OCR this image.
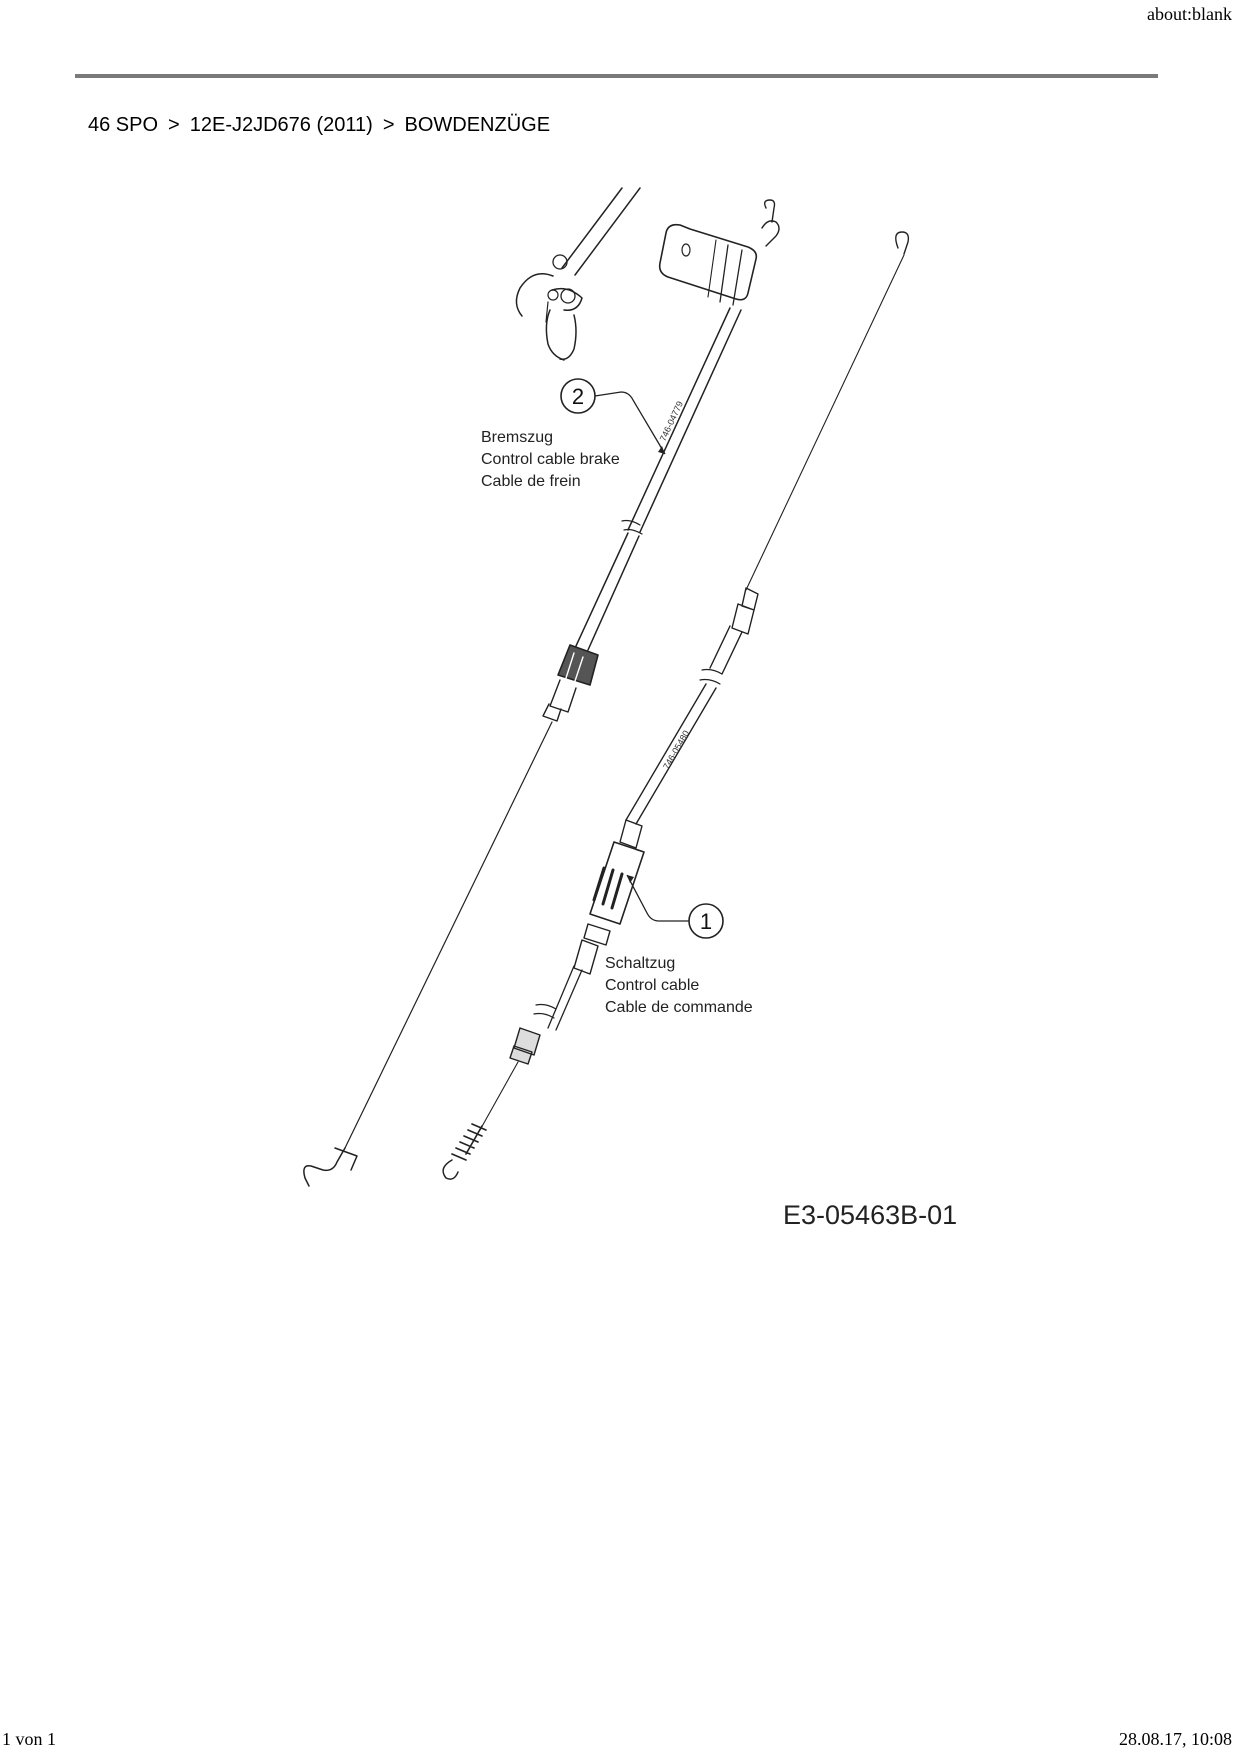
about:blank
46 SPO > 12E-J2JD676 (2011) > BOWDENZÜGE
746-04779
746-05480
2
Bremszug
Control cable brake
Cable de frein
1
Schaltzug
Control cable
Cable de commande
E3-05463B-01
1 von 1	28.08.17, 10:08
